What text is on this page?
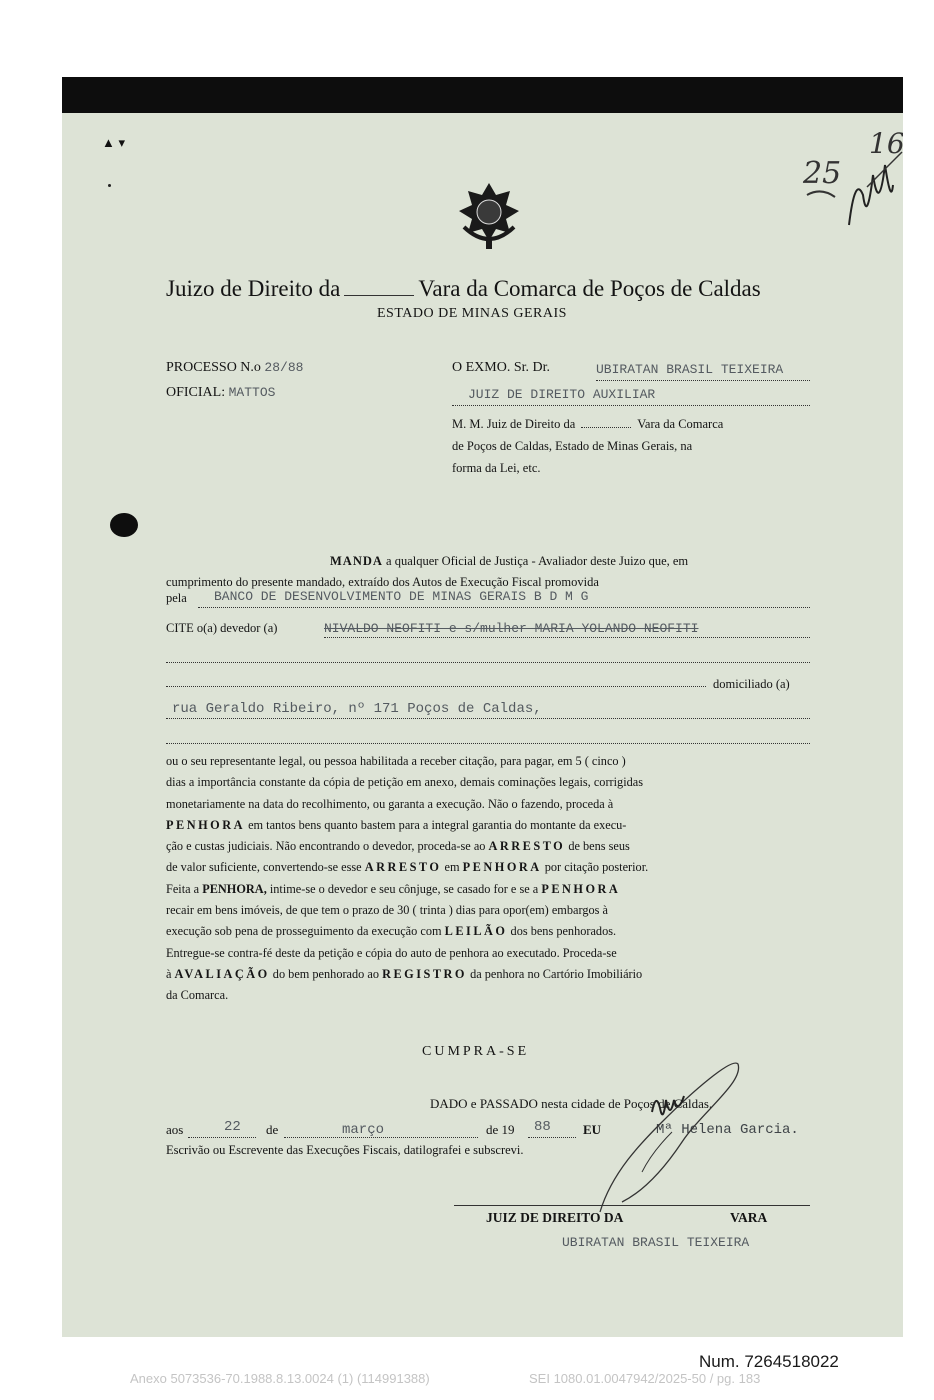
▲ ▾
25
16
Juizo de Direito da	Vara da Comarca de Poços de Caldas
ESTADO DE MINAS GERAIS
PROCESSO N.o 28/88
OFICIAL: MATTOS
O EXMO. Sr. Dr.	UBIRATAN BRASIL TEIXEIRA
JUIZ DE DIREITO AUXILIAR
M. M. Juiz de Direito da	Vara da Comarca
de Poços de Caldas, Estado de Minas Gerais, na
forma da Lei, etc.
MANDA a qualquer Oficial de Justiça - Avaliador deste Juizo que, em
cumprimento do presente mandado, extraído dos Autos de Execução Fiscal promovida
pela BANCO DE DESENVOLVIMENTO DE MINAS GERAIS B D M G
CITE o(a) devedor (a)	NIVALDO NEOFITI e s/mulher MARIA YOLANDO NEOFITI
domiciliado (a)
rua Geraldo Ribeiro, nº 171 Poços de Caldas,

ou o seu representante legal, ou pessoa habilitada a receber citação, para pagar, em 5 ( cinco )

dias a importância constante da cópia de petição em anexo, demais cominações legais, corrigidas

monetariamente na data do recolhimento, ou garanta a execução. Não o fazendo, proceda à

PENHORA em tantos bens quanto bastem para a integral garantia do montante da execu-

ção e custas judiciais. Não encontrando o devedor, proceda-se ao ARRESTO de bens seus

de valor suficiente, convertendo-se esse ARRESTO em PENHORA por citação posterior.

Feita a PENHORA, intime-se o devedor e seu cônjuge, se casado for e se a PENHORA

recair em bens imóveis, de que tem o prazo de 30 ( trinta ) dias para opor(em) embargos à

execução sob pena de prosseguimento da execução com LEILÃO dos bens penhorados.

Entregue-se contra-fé deste da petição e cópia do auto de penhora ao executado. Proceda-se

à AVALIAÇÃO do bem penhorado ao REGISTRO da penhora no Cartório Imobiliário

da Comarca.

CUMPRA-SE
DADO e PASSADO nesta cidade de Poços de Caldas,
aos	22 de	março	de 19 88 EU	Mª Helena Garcia.
Escrivão ou Escrevente das Execuções Fiscais, datilografei e subscrevi.
JUIZ DE DIREITO DA	VARA
UBIRATAN BRASIL TEIXEIRA
Num. 7264518022
Anexo 5073536-70.1988.8.13.0024 (1) (114991388)	SEI 1080.01.0047942/2025-50 / pg. 183
